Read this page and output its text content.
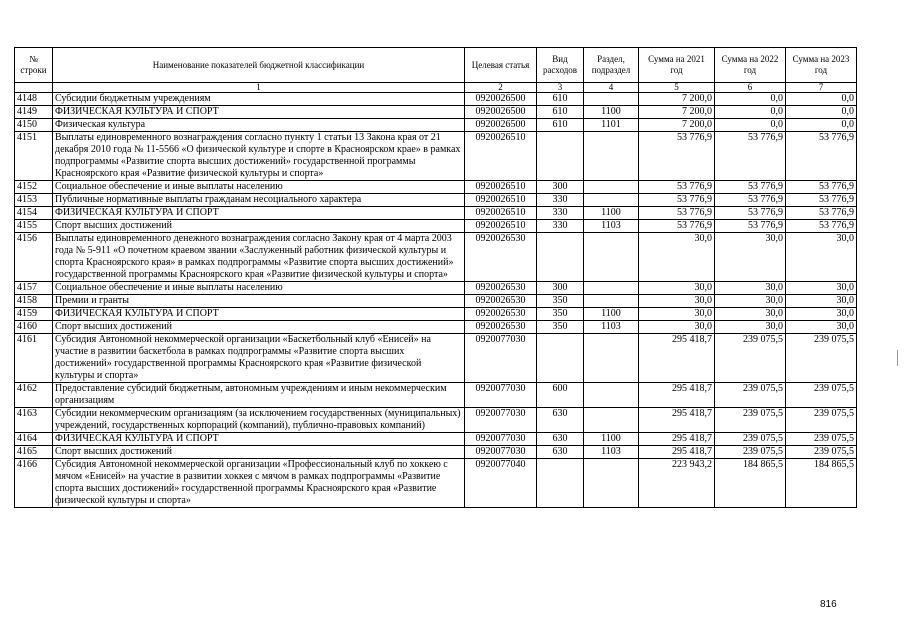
№ строки	Наименование показателей бюджетной классификации	Целевая статья	Вид расходов	Раздел, подраздел	Сумма на 2021 год	Сумма на 2022 год	Сумма на 2023 год
	1	2	3	4	5	6	7
4148	Субсидии бюджетным учреждениям	0920026500	610		7 200,0	0,0	0,0
4149	ФИЗИЧЕСКАЯ КУЛЬТУРА И СПОРТ	0920026500	610	1100	7 200,0	0,0	0,0
4150	Физическая культура	0920026500	610	1101	7 200,0	0,0	0,0
4151	Выплаты единовременного вознаграждения согласно пункту 1 статьи 13 Закона края от 21 декабря 2010 года № 11-5566 «О физической культуре и спорте в Красноярском крае» в рамках подпрограммы «Развитие спорта высших достижений» государственной программы Красноярского края «Развитие физической культуры и спорта»	0920026510			53 776,9	53 776,9	53 776,9
4152	Социальное обеспечение и иные выплаты населению	0920026510	300		53 776,9	53 776,9	53 776,9
4153	Публичные нормативные выплаты гражданам несоциального характера	0920026510	330		53 776,9	53 776,9	53 776,9
4154	ФИЗИЧЕСКАЯ КУЛЬТУРА И СПОРТ	0920026510	330	1100	53 776,9	53 776,9	53 776,9
4155	Спорт высших достижений	0920026510	330	1103	53 776,9	53 776,9	53 776,9
4156	Выплаты единовременного денежного вознаграждения согласно Закону края от 4 марта 2003 года № 5-911 «О почетном краевом звании «Заслуженный работник физической культуры и спорта Красноярского края» в рамках подпрограммы «Развитие спорта высших достижений» государственной программы Красноярского края «Развитие физической культуры и спорта»	0920026530			30,0	30,0	30,0
4157	Социальное обеспечение и иные выплаты населению	0920026530	300		30,0	30,0	30,0
4158	Премии и гранты	0920026530	350		30,0	30,0	30,0
4159	ФИЗИЧЕСКАЯ КУЛЬТУРА И СПОРТ	0920026530	350	1100	30,0	30,0	30,0
4160	Спорт высших достижений	0920026530	350	1103	30,0	30,0	30,0
4161	Субсидия Автономной некоммерческой организации «Баскетбольный клуб «Енисей» на участие в развитии баскетбола в рамках подпрограммы «Развитие спорта высших достижений» государственной программы Красноярского края «Развитие физической культуры и спорта»	0920077030			295 418,7	239 075,5	239 075,5
4162	Предоставление субсидий бюджетным, автономным учреждениям и иным некоммерческим организациям	0920077030	600		295 418,7	239 075,5	239 075,5
4163	Субсидии некоммерческим организациям (за исключением государственных (муниципальных) учреждений, государственных корпораций (компаний), публично-правовых компаний)	0920077030	630		295 418,7	239 075,5	239 075,5
4164	ФИЗИЧЕСКАЯ КУЛЬТУРА И СПОРТ	0920077030	630	1100	295 418,7	239 075,5	239 075,5
4165	Спорт высших достижений	0920077030	630	1103	295 418,7	239 075,5	239 075,5
4166	Субсидия Автономной некоммерческой организации «Профессиональный клуб по хоккею с мячом «Енисей» на участие в развитии хоккея с мячом в рамках подпрограммы «Развитие спорта высших достижений» государственной программы Красноярского края «Развитие физической культуры и спорта»	0920077040			223 943,2	184 865,5	184 865,5
816
